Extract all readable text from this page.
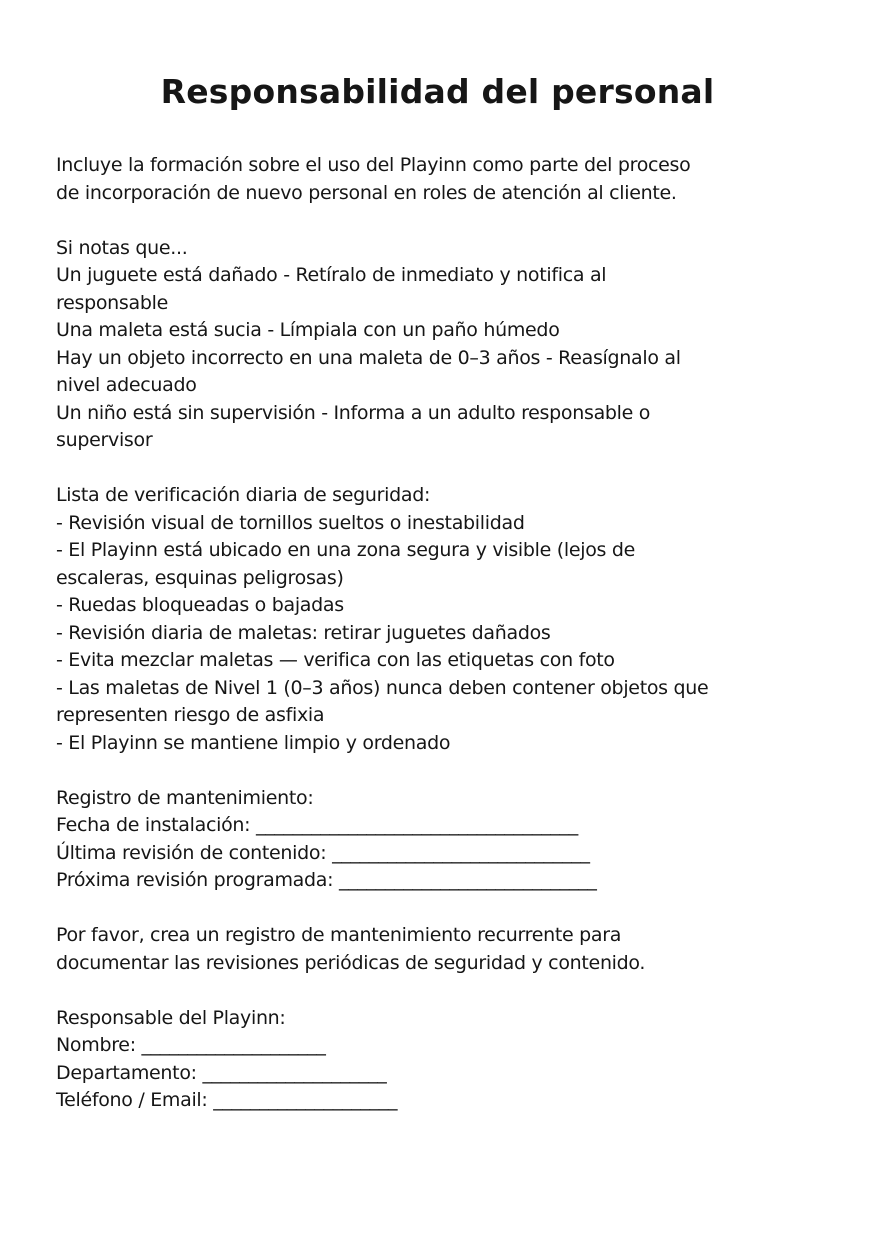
Responsabilidad del personal

Incluye la formación sobre el uso del Playinn como parte del proceso

de incorporación de nuevo personal en roles de atención al cliente.

Si notas que...

Un juguete está dañado - Retíralo de inmediato y notifica al

responsable

Una maleta está sucia - Límpiala con un paño húmedo

Hay un objeto incorrecto en una maleta de 0–3 años - Reasígnalo al

nivel adecuado

Un niño está sin supervisión - Informa a un adulto responsable o

supervisor

Lista de verificación diaria de seguridad:

- Revisión visual de tornillos sueltos o inestabilidad

- El Playinn está ubicado en una zona segura y visible (lejos de

escaleras, esquinas peligrosas)

- Ruedas bloqueadas o bajadas

- Revisión diaria de maletas: retirar juguetes dañados

- Evita mezclar maletas — verifica con las etiquetas con foto

- Las maletas de Nivel 1 (0–3 años) nunca deben contener objetos que

representen riesgo de asfixia

- El Playinn se mantiene limpio y ordenado

Registro de mantenimiento:

Fecha de instalación: ___________________________________

Última revisión de contenido: ____________________________

Próxima revisión programada: ____________________________

Por favor, crea un registro de mantenimiento recurrente para

documentar las revisiones periódicas de seguridad y contenido.

Responsable del Playinn:

Nombre: ____________________

Departamento: ____________________

Teléfono / Email: ____________________
